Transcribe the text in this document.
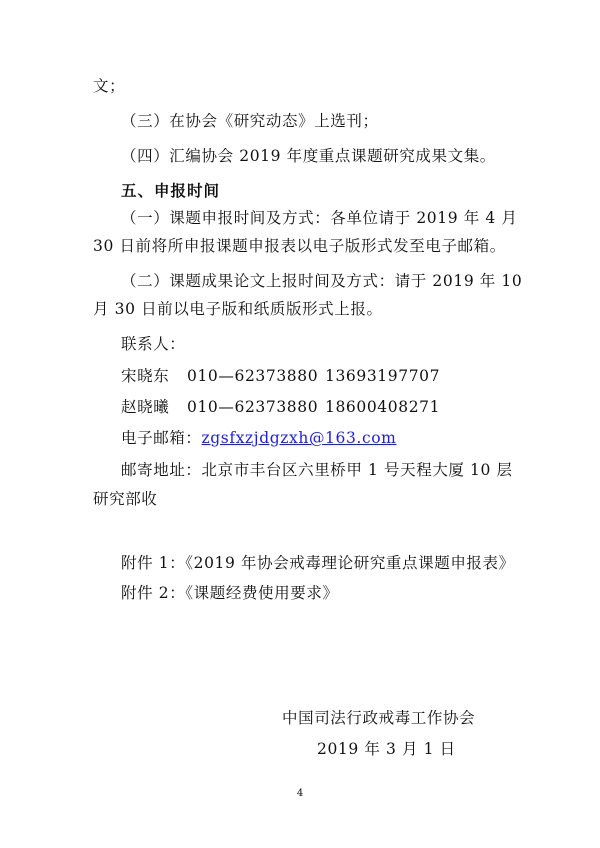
文；
（三）在协会《研究动态》上选刊；
（四）汇编协会 2019 年度重点课题研究成果文集。
五、申报时间
（一）课题申报时间及方式：各单位请于 2019 年 4 月
30 日前将所申报课题申报表以电子版形式发至电子邮箱。
（二）课题成果论文上报时间及方式：请于 2019 年 10
月 30 日前以电子版和纸质版形式上报。
联系人：
宋晓东 010—62373880 13693197707
赵晓曦 010—62373880 18600408271
电子邮箱：zgsfxzjdgzxh@163.com
邮寄地址：北京市丰台区六里桥甲 1 号天程大厦 10 层
研究部收
附件 1：《2019 年协会戒毒理论研究重点课题申报表》
附件 2：《课题经费使用要求》
中国司法行政戒毒工作协会
2019 年 3 月 1 日
4
